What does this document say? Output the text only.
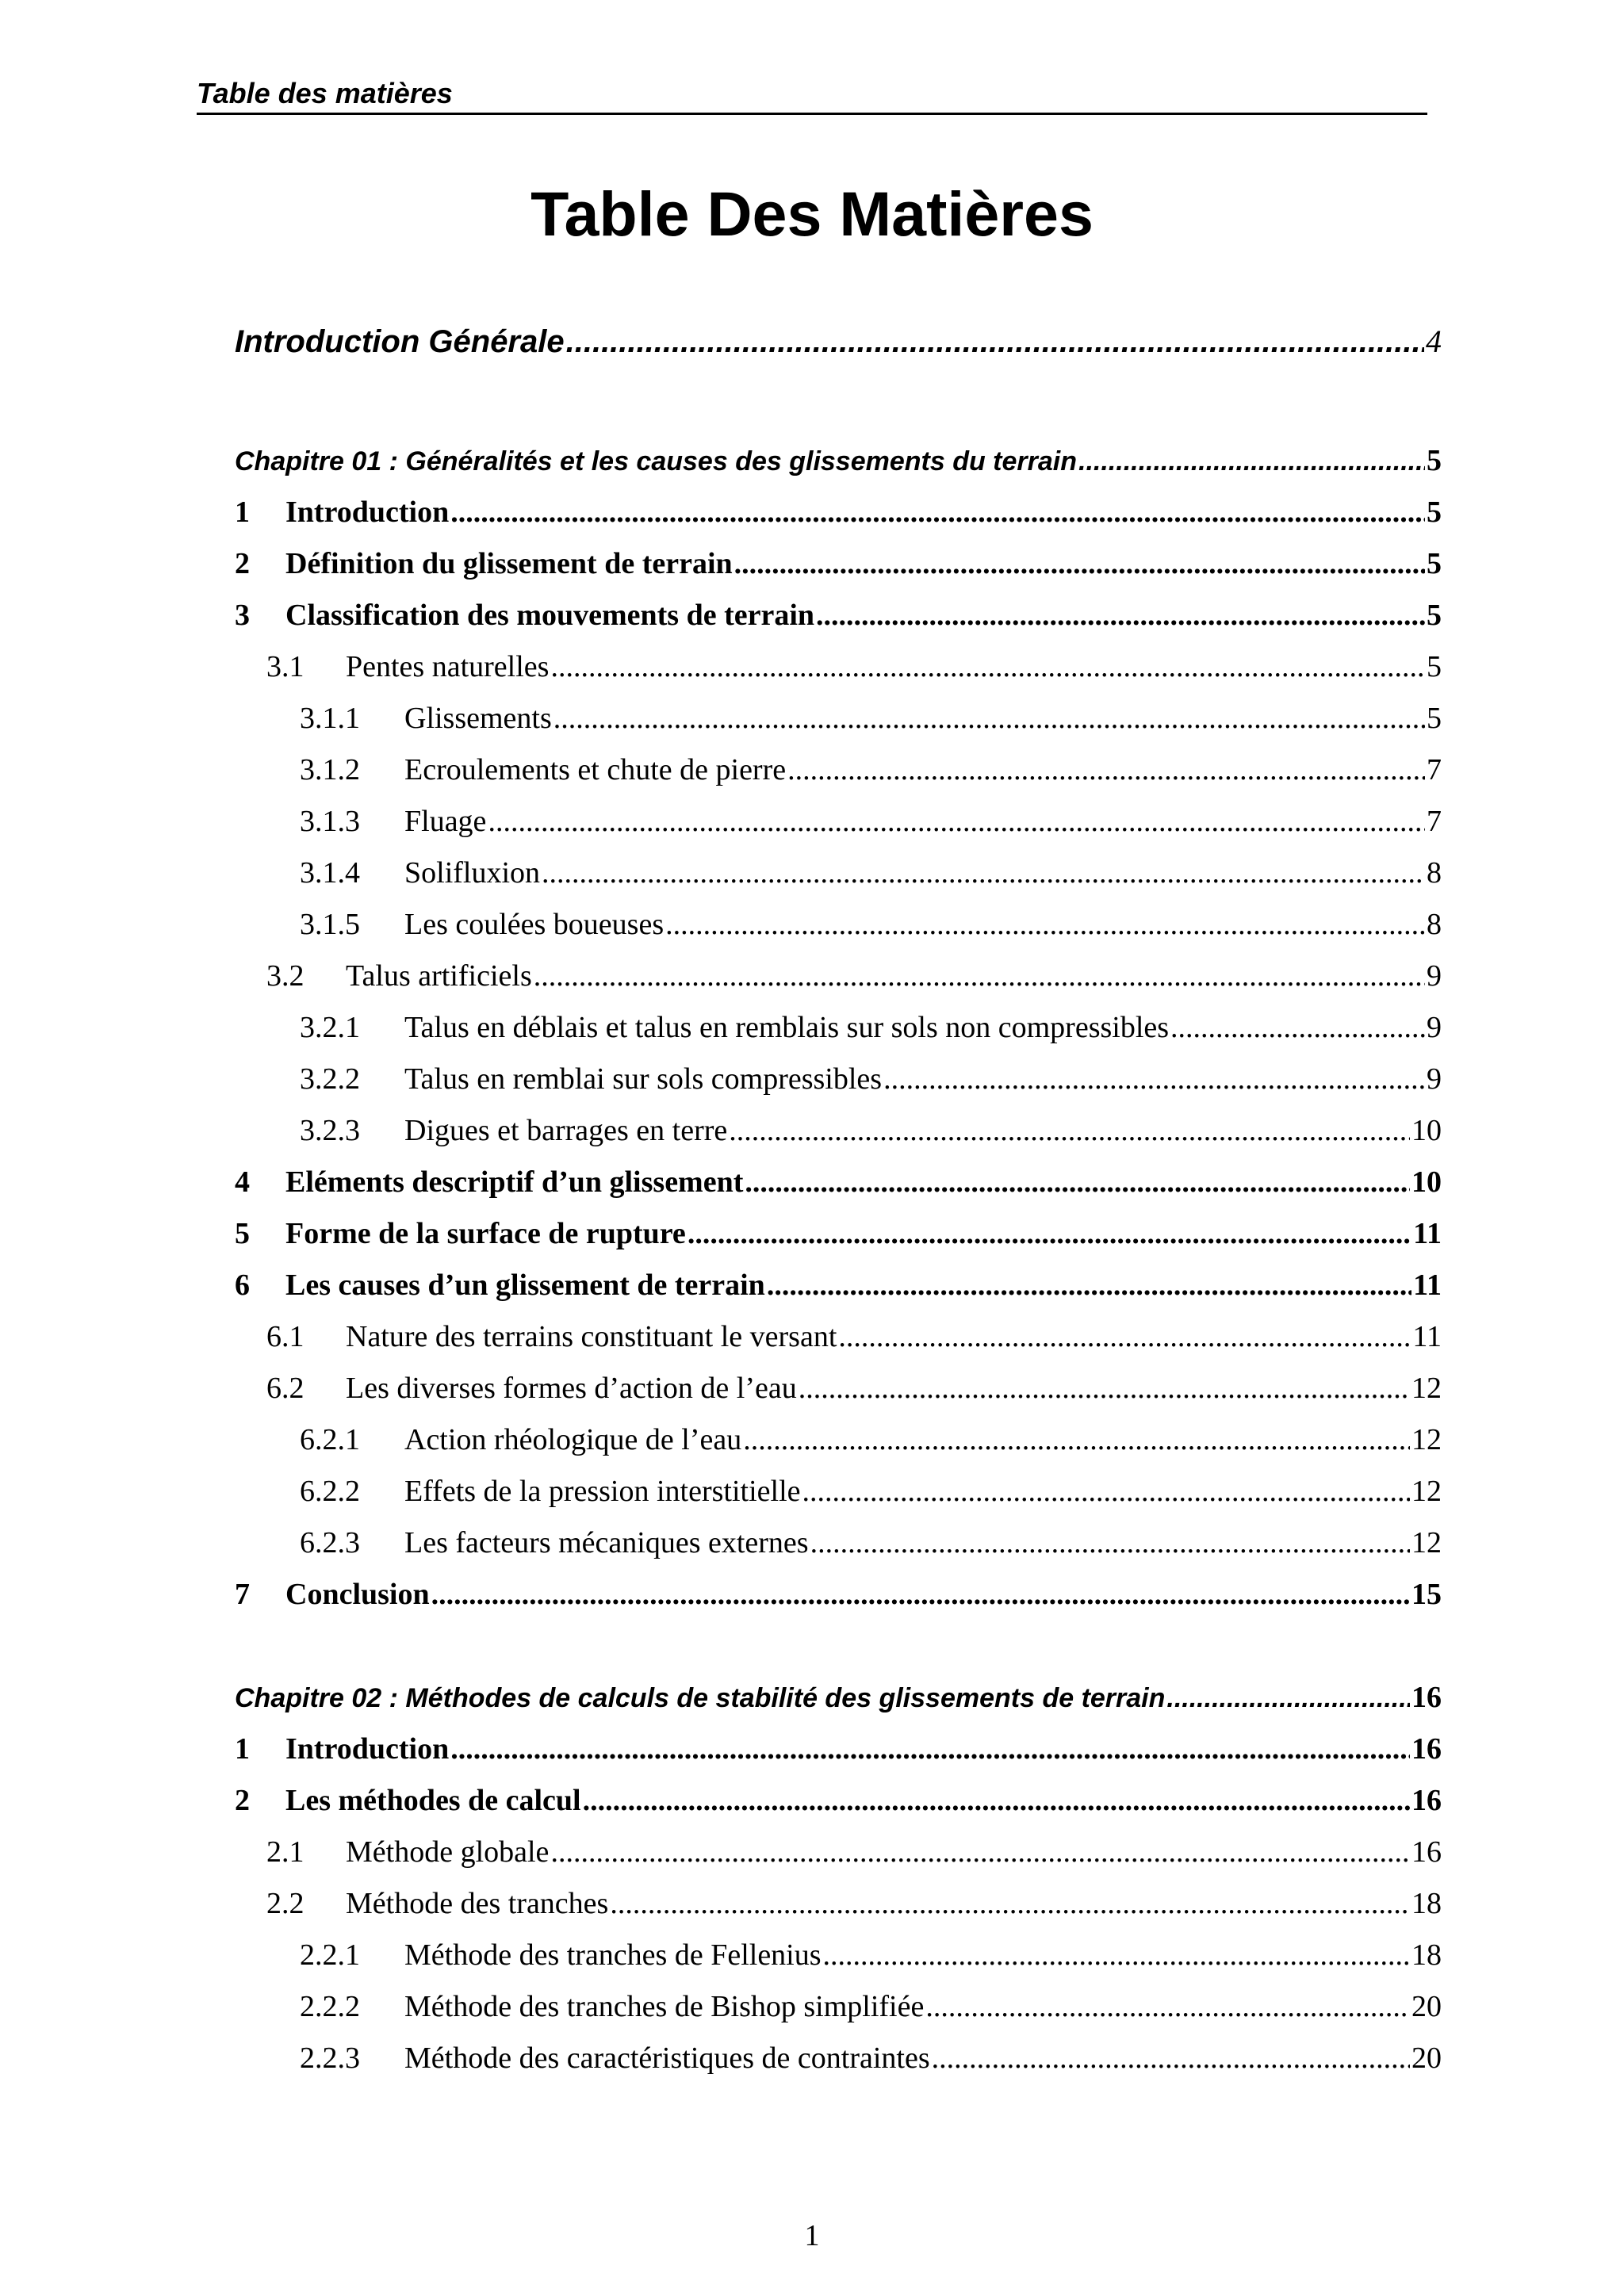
Table des matières
Table Des Matières
Introduction Générale .....	4
Chapitre 01 : Généralités et les causes des glissements du terrain .....	5
1	Introduction .....	5
2	Définition du glissement de terrain .....	5
3	Classification des mouvements de terrain .....	5
3.1	Pentes naturelles .....	5
3.1.1	Glissements .....	5
3.1.2	Ecroulements et chute de pierre .....	7
3.1.3	Fluage .....	7
3.1.4	Solifluxion .....	8
3.1.5	Les coulées boueuses .....	8
3.2	Talus artificiels .....	9
3.2.1	Talus en déblais et talus en remblais sur sols non compressibles .....	9
3.2.2	Talus en remblai sur sols compressibles .....	9
3.2.3	Digues et barrages en terre .....	10
4	Eléments descriptif d’un glissement .....	10
5	Forme de la surface de rupture .....	11
6	Les causes d’un glissement de terrain .....	11
6.1	Nature des terrains constituant le versant .....	11
6.2	Les diverses formes d’action de l’eau .....	12
6.2.1	Action rhéologique de l’eau .....	12
6.2.2	Effets de la pression interstitielle .....	12
6.2.3	Les facteurs mécaniques externes .....	12
7	Conclusion .....	15
Chapitre 02 : Méthodes de calculs de stabilité des glissements de terrain .....	16
1	Introduction .....	16
2	Les méthodes de calcul .....	16
2.1	Méthode globale .....	16
2.2	Méthode des tranches .....	18
2.2.1	Méthode des tranches de Fellenius .....	18
2.2.2	Méthode des tranches de Bishop simplifiée .....	20
2.2.3	Méthode des caractéristiques de contraintes .....	20
1
